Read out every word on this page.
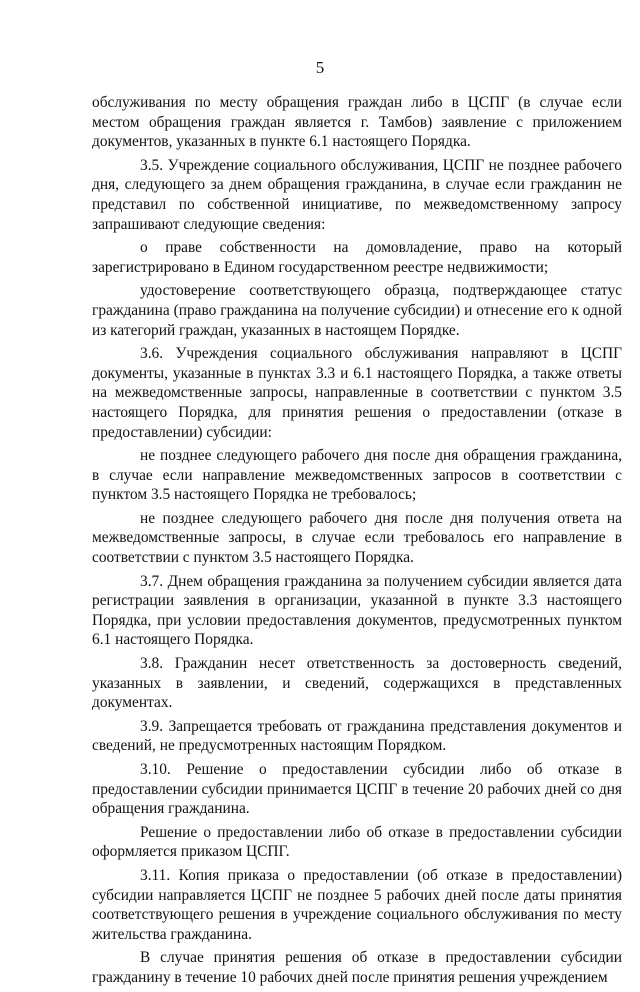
5

обслуживания по месту обращения граждан либо в ЦСПГ (в случае если местом обращения граждан является г. Тамбов) заявление с приложением документов, указанных в пункте 6.1 настоящего Порядка.

3.5. Учреждение социального обслуживания, ЦСПГ не позднее рабочего дня, следующего за днем обращения гражданина, в случае если гражданин не представил по собственной инициативе, по межведомственному запросу запрашивают следующие сведения:

о праве собственности на домовладение, право на который зарегистрировано в Едином государственном реестре недвижимости;

удостоверение соответствующего образца, подтверждающее статус гражданина (право гражданина на получение субсидии) и отнесение его к одной из категорий граждан, указанных в настоящем Порядке.

3.6. Учреждения социального обслуживания направляют в ЦСПГ документы, указанные в пунктах 3.3 и 6.1 настоящего Порядка, а также ответы на межведомственные запросы, направленные в соответствии с пунктом 3.5 настоящего Порядка, для принятия решения о предоставлении (отказе в предоставлении) субсидии:

не позднее следующего рабочего дня после дня обращения гражданина, в случае если направление межведомственных запросов в соответствии с пунктом 3.5 настоящего Порядка не требовалось;

не позднее следующего рабочего дня после дня получения ответа на межведомственные запросы, в случае если требовалось его направление в соответствии с пунктом 3.5 настоящего Порядка.

3.7. Днем обращения гражданина за получением субсидии является дата регистрации заявления в организации, указанной в пункте 3.3 настоящего Порядка, при условии предоставления документов, предусмотренных пунктом 6.1 настоящего Порядка.

3.8. Гражданин несет ответственность за достоверность сведений, указанных в заявлении, и сведений, содержащихся в представленных документах.

3.9. Запрещается требовать от гражданина представления документов и сведений, не предусмотренных настоящим Порядком.

3.10. Решение о предоставлении субсидии либо об отказе в предоставлении субсидии принимается ЦСПГ в течение 20 рабочих дней со дня обращения гражданина.

Решение о предоставлении либо об отказе в предоставлении субсидии оформляется приказом ЦСПГ.

3.11. Копия приказа о предоставлении (об отказе в предоставлении) субсидии направляется ЦСПГ не позднее 5 рабочих дней после даты принятия соответствующего решения в учреждение социального обслуживания по месту жительства гражданина.

В случае принятия решения об отказе в предоставлении субсидии гражданину в течение 10 рабочих дней после принятия решения учреждением
